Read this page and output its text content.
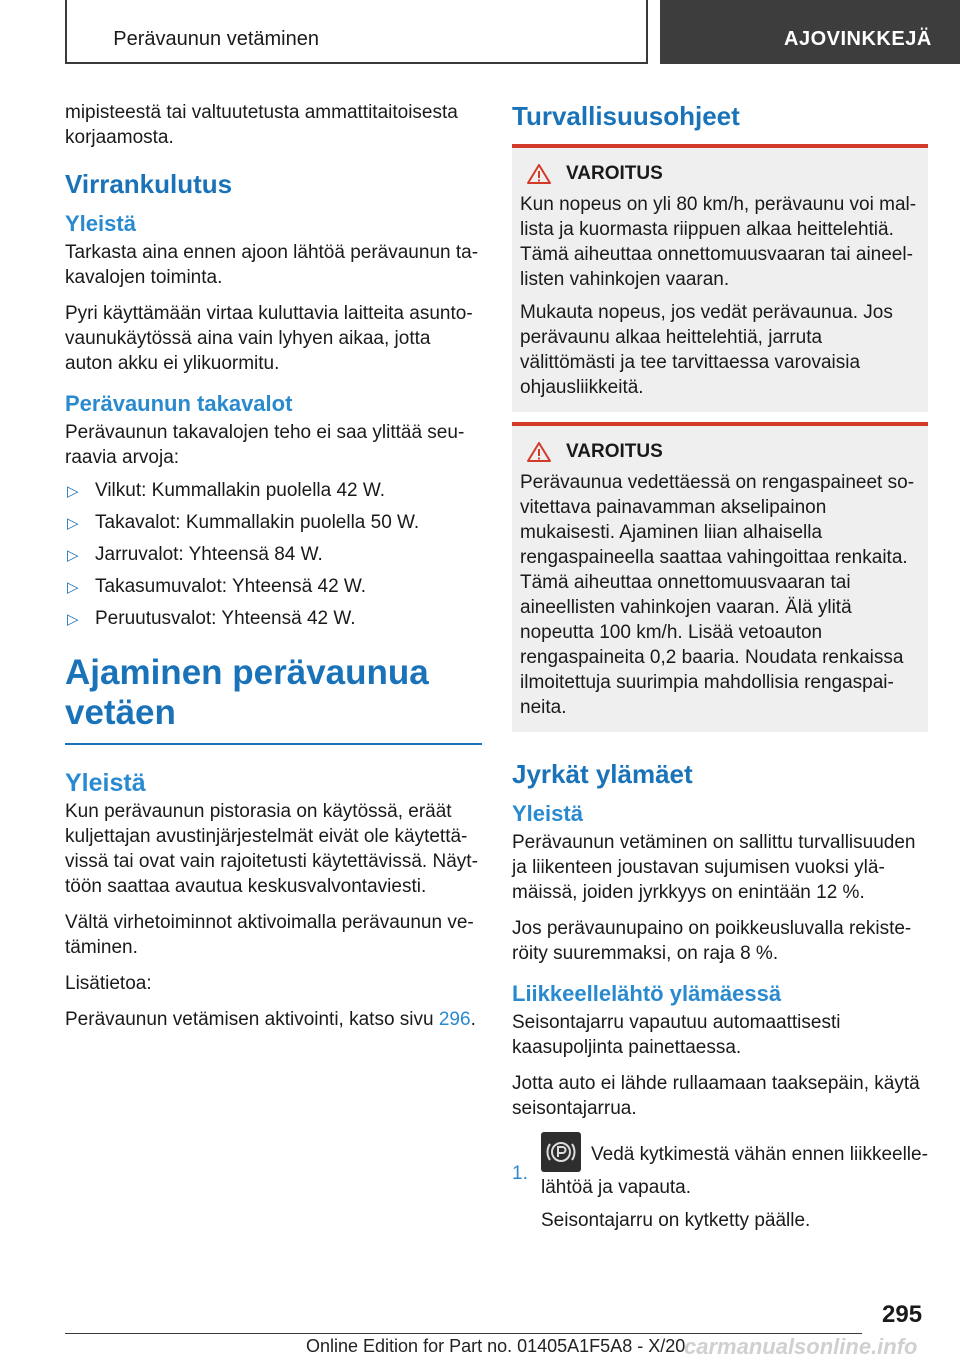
Perävaunun vetäminen	AJOVINKKEJÄ

mipisteestä tai valtuutetusta ammattitaitoisesta korjaamosta.

Virrankulutus
Yleistä

Tarkasta aina ennen ajoon lähtöä perävaunun takavalojen toiminta.

Pyri käyttämään virtaa kuluttavia laitteita asuntovaunukäytössä aina vain lyhyen aikaa, jotta auton akku ei ylikuormitu.

Perävaunun takavalot

Perävaunun takavalojen teho ei saa ylittää seuraavia arvoja:

▷ Vilkut: Kummallakin puolella 42 W.
▷ Takavalot: Kummallakin puolella 50 W.
▷ Jarruvalot: Yhteensä 84 W.
▷ Takasumuvalot: Yhteensä 42 W.
▷ Peruutusvalot: Yhteensä 42 W.
Ajaminen perävaunua vetäen
Yleistä

Kun perävaunun pistorasia on käytössä, eräät kuljettajan avustinjärjestelmät eivät ole käytettävissä tai ovat vain rajoitetusti käytettävissä. Näyttöön saattaa avautua keskusvalvontaviesti.

Vältä virhetoiminnot aktivoimalla perävaunun vetäminen.

Lisätietoa:

Perävaunun vetämisen aktivointi, katso sivu 296.

Turvallisuusohjeet
VAROITUS

Kun nopeus on yli 80 km/h, perävaunu voi mallista ja kuormasta riippuen alkaa heittelehtiä. Tämä aiheuttaa onnettomuusvaaran tai aineellisten vahinkojen vaaran.

Mukauta nopeus, jos vedät perävaunua. Jos perävaunu alkaa heittelehtiä, jarruta välittömästi ja tee tarvittaessa varovaisia ohjausliikkeitä.

VAROITUS

Perävaunua vedettäessä on rengaspaineet sovitettava painavamman akselipainon mukaisesti. Ajaminen liian alhaisella rengaspaineella saattaa vahingoittaa renkaita. Tämä aiheuttaa onnettomuusvaaran tai aineellisten vahinkojen vaaran. Älä ylitä nopeutta 100 km/h. Lisää vetoauton rengaspaineita 0,2 baaria. Noudata renkaissa ilmoitettuja suurimpia mahdollisia rengaspaineita.

Jyrkät ylämäet
Yleistä

Perävaunun vetäminen on sallittu turvallisuuden ja liikenteen joustavan sujumisen vuoksi ylämäissä, joiden jyrkkyys on enintään 12 %.

Jos perävaunupaino on poikkeusluvalla rekisteröity suuremmaksi, on raja 8 %.

Liikkeellelähtö ylämäessä

Seisontajarru vapautuu automaattisesti kaasupoljinta painettaessa.

Jotta auto ei lähde rullaamaan taaksepäin, käytä seisontajarrua.

1.
Vedä kytkimestä vähän ennen liikkeellelähtöä ja vapauta.

Seisontajarru on kytketty päälle.

295
Online Edition for Part no. 01405A1F5A8 - X/20
carmanualsonline.info
